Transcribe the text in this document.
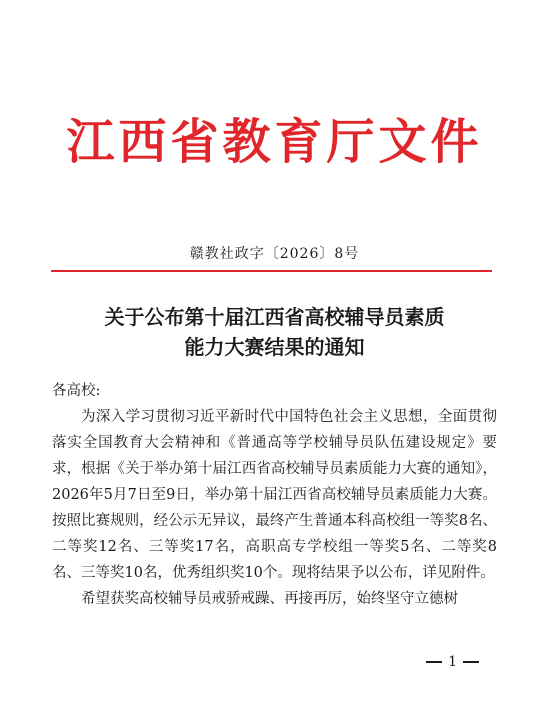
江西省教育厅文件
赣教社政字〔2026〕8号
关于公布第十届江西省高校辅导员素质
能力大赛结果的通知

各高校:

为深入学习贯彻习近平新时代中国特色社会主义思想，全面贯彻落实全国教育大会精神和《普通高等学校辅导员队伍建设规定》要求，根据《关于举办第十届江西省高校辅导员素质能力大赛的通知》，2026年5月7日至9日，举办第十届江西省高校辅导员素质能力大赛。按照比赛规则，经公示无异议，最终产生普通本科高校组一等奖8名、二等奖12名、三等奖17名，高职高专学校组一等奖5名、二等奖8名、三等奖10名，优秀组织奖10个。现将结果予以公布，详见附件。

希望获奖高校辅导员戒骄戒躁、再接再厉，始终坚守立德树

1
